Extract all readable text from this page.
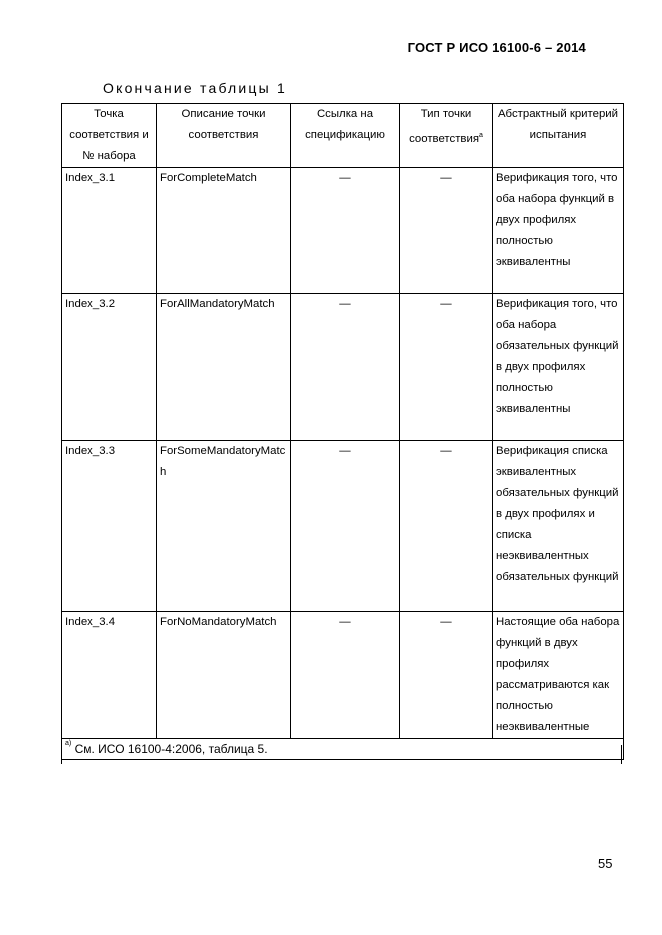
ГОСТ Р ИСО 16100-6 – 2014
Окончание таблицы 1
Точка соответствия и № набора	Описание точки соответствия	Ссылка на спецификацию	Тип точки соответствия$^a$	Абстрактный критерий испытания
Index_3.1	ForCompleteMatch	—	—	Верификация того, что оба набора функций в двух профилях полностью эквивалентны
Index_3.2	ForAllMandatoryMatch	—	—	Верификация того, что оба набора обязательных функций в двух профилях полностью эквивалентны
Index_3.3	ForSomeMandatoryMatch	—	—	Верификация списка эквивалентных обязательных функций в двух профилях и списка неэквивалентных обязательных функций
Index_3.4	ForNoMandatoryMatch	—	—	Настоящие оба набора функций в двух профилях рассматриваются как полностью неэквивалентные
$^{а)}$ См. ИСО 16100-4:2006, таблица 5.				
55
